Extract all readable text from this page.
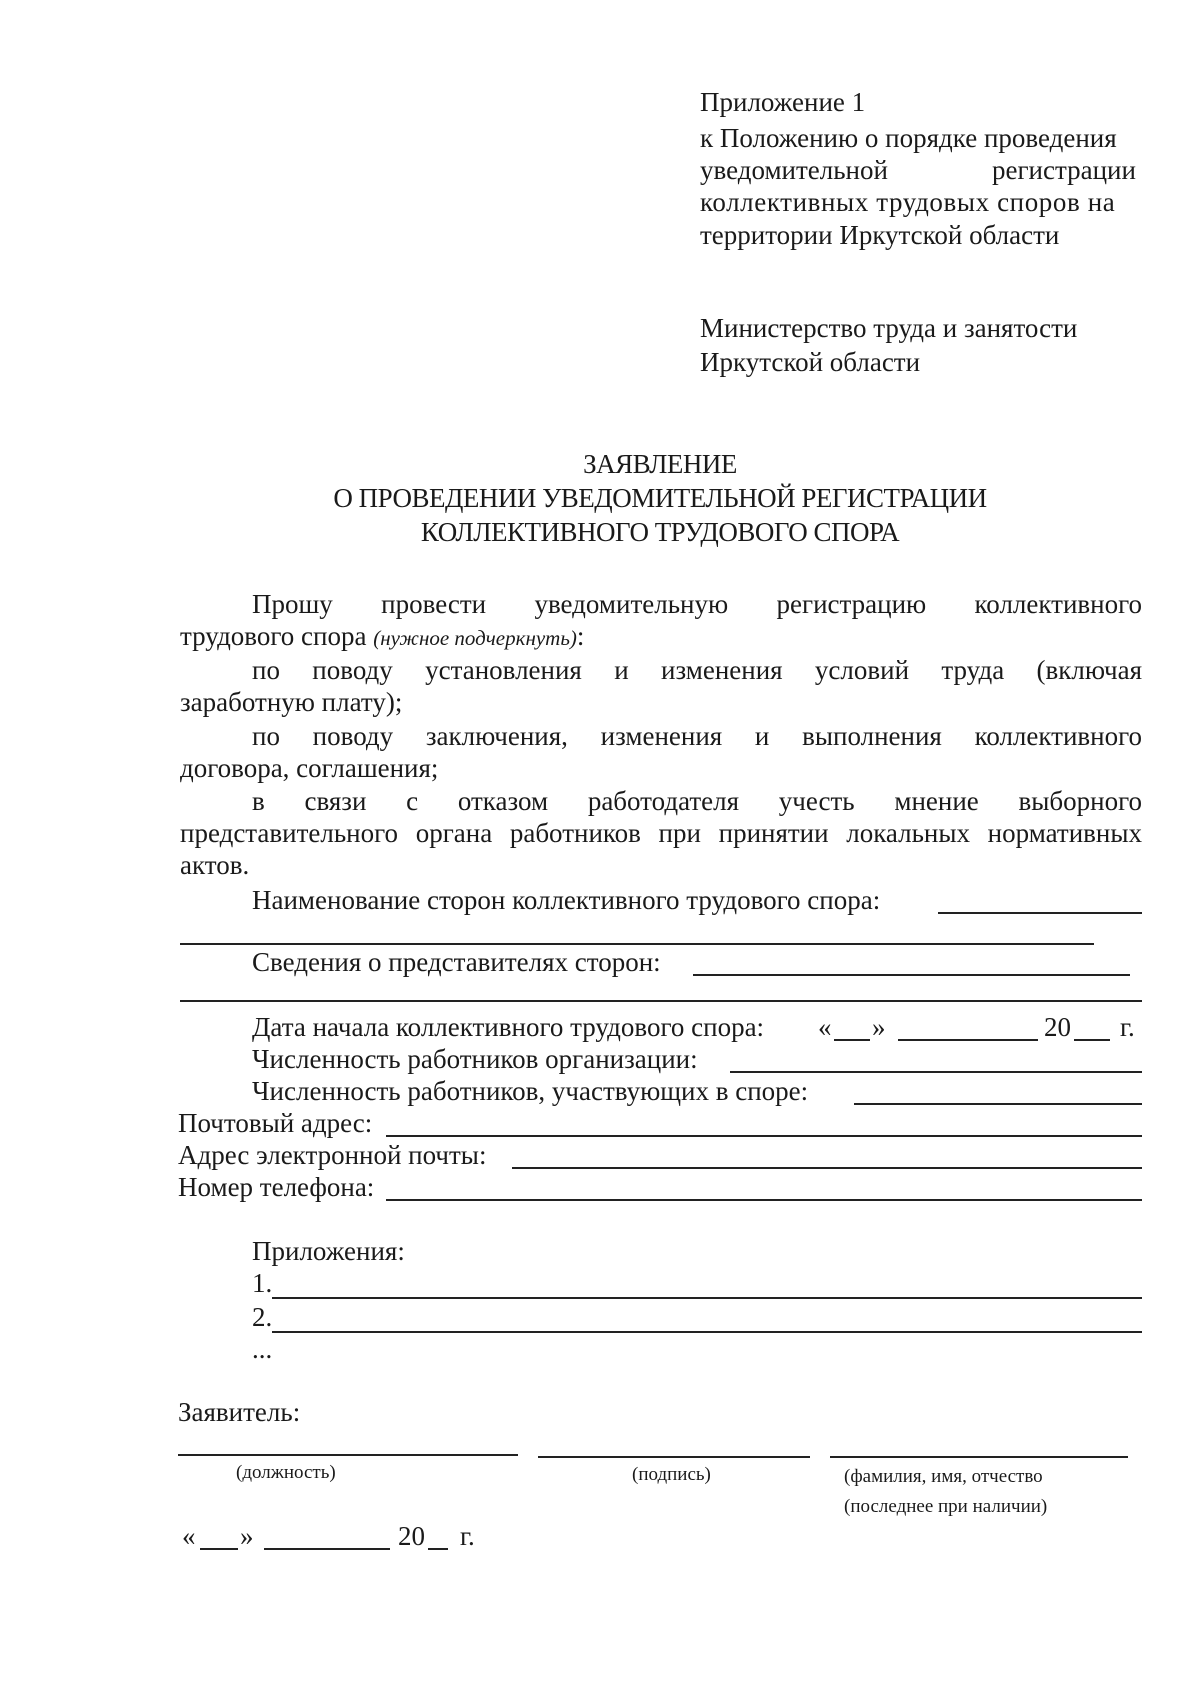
Приложение 1
к Положению о порядке проведения
уведомительной	регистрации
коллективных трудовых споров на
территории Иркутской области
Министерство труда и занятости
Иркутской области
ЗАЯВЛЕНИЕ
О ПРОВЕДЕНИИ УВЕДОМИТЕЛЬНОЙ РЕГИСТРАЦИИ
КОЛЛЕКТИВНОГО ТРУДОВОГО СПОРА
Прошу провести уведомительную регистрацию коллективного
трудового спора (нужное подчеркнуть):
по поводу установления и изменения условий труда (включая
заработную плату);
по поводу заключения, изменения и выполнения коллективного
договора, соглашения;
в связи с отказом работодателя учесть мнение выборного
представительного органа работников при принятии локальных нормативных
актов.
Наименование сторон коллективного трудового спора:
Сведения о представителях сторон:
Дата начала коллективного трудового спора: « »	20 г.
Численность работников организации:
Численность работников, участвующих в споре:
Почтовый адрес:
Адрес электронной почты:
Номер телефона:
Приложения:
1.
2.
...
Заявитель:
(должность)	(подпись)	(фамилия, имя, отчество
(последнее при наличии)
« »	20 г.
